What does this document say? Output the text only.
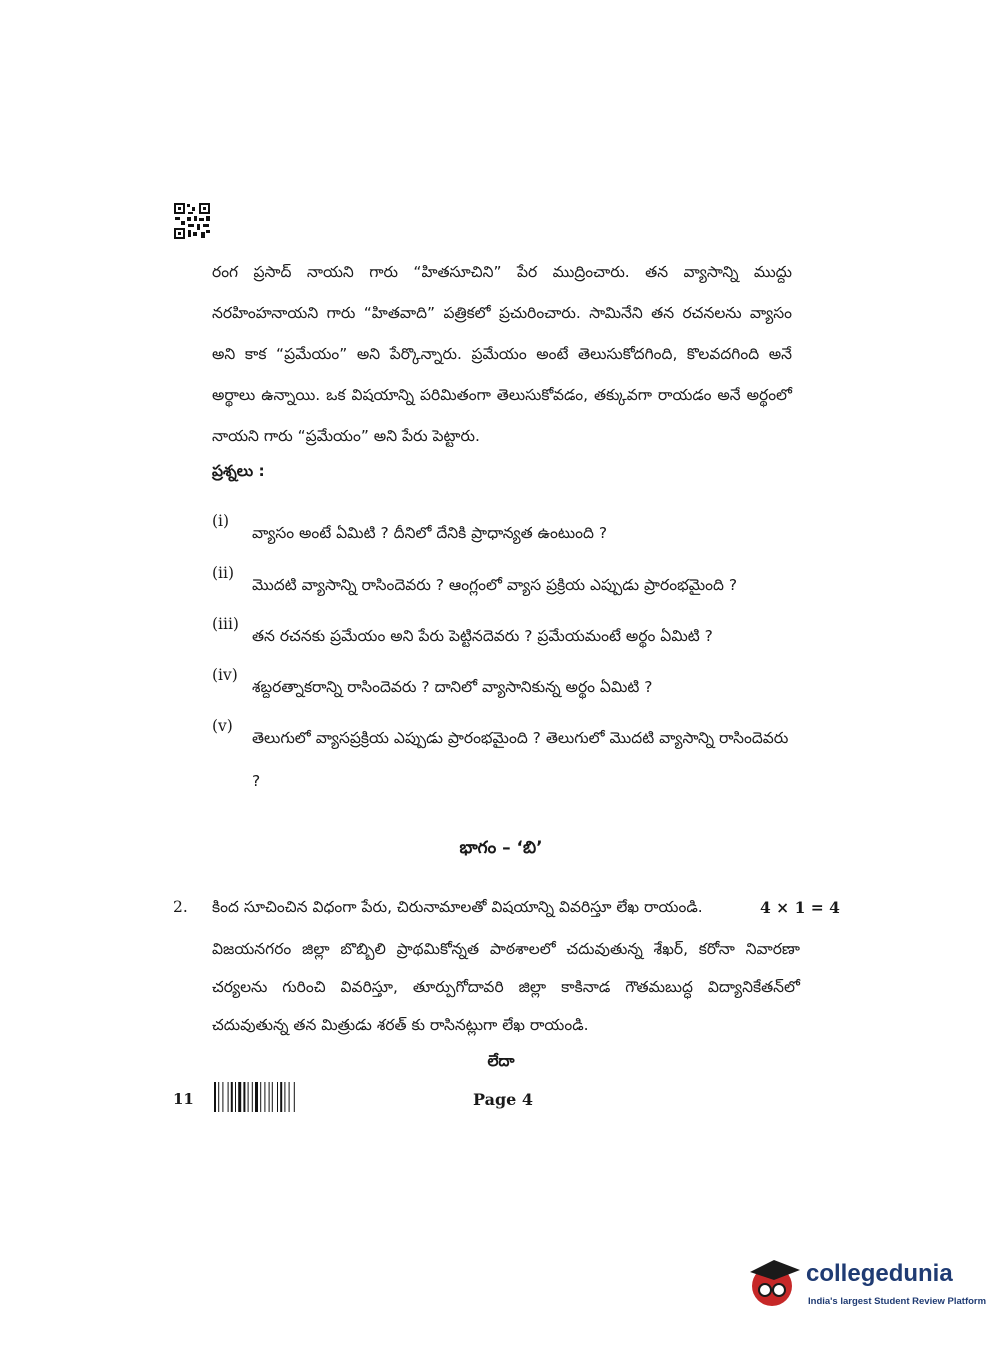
రంగ ప్రసాద్ నాయని గారు “హితసూచిని” పేర ముద్రించారు. తన వ్యాసాన్ని ముద్దు నరహింహనాయని గారు “హితవాది” పత్రికలో ప్రచురించారు. సామినేని తన రచనలను వ్యాసం అని కాక “ప్రమేయం” అని పేర్కొన్నారు. ప్రమేయం అంటే తెలుసుకోదగింది, కొలవదగింది అనే అర్థాలు ఉన్నాయి. ఒక విషయాన్ని పరిమితంగా తెలుసుకోవడం, తక్కువగా రాయడం అనే అర్థంలో నాయని గారు “ప్రమేయం” అని పేరు పెట్టారు.

ప్రశ్నలు :
(i)
వ్యాసం అంటే ఏమిటి ? దీనిలో దేనికి ప్రాధాన్యత ఉంటుంది ?
(ii)
మొదటి వ్యాసాన్ని రాసిందెవరు ? ఆంగ్లంలో వ్యాస ప్రక్రియ ఎప్పుడు ప్రారంభమైంది ?
(iii)
తన రచనకు ప్రమేయం అని పేరు పెట్టినదెవరు ? ప్రమేయమంటే అర్థం ఏమిటి ?
(iv)
శబ్దరత్నాకరాన్ని రాసిందెవరు ? దానిలో వ్యాసానికున్న అర్థం ఏమిటి ?
(v)
తెలుగులో వ్యాసప్రక్రియ ఎప్పుడు ప్రారంభమైంది ? తెలుగులో మొదటి వ్యాసాన్ని రాసిందెవరు ?
భాగం – ‘బి’
2. కింద సూచించిన విధంగా పేరు, చిరునామాలతో విషయాన్ని వివరిస్తూ లేఖ రాయండి.	4 × 1 = 4

విజయనగరం జిల్లా బొబ్బిలి ప్రాథమికోన్నత పాఠశాలలో చదువుతున్న శేఖర్, కరోనా నివారణా చర్యలను గురించి వివరిస్తూ, తూర్పుగోదావరి జిల్లా కాకినాడ గౌతమబుద్ధ విద్యానికేతన్‌లో చదువుతున్న తన మిత్రుడు శరత్ కు రాసినట్లుగా లేఖ రాయండి.

లేదా
11	Page 4
collegedunia
India's largest Student Review Platform
